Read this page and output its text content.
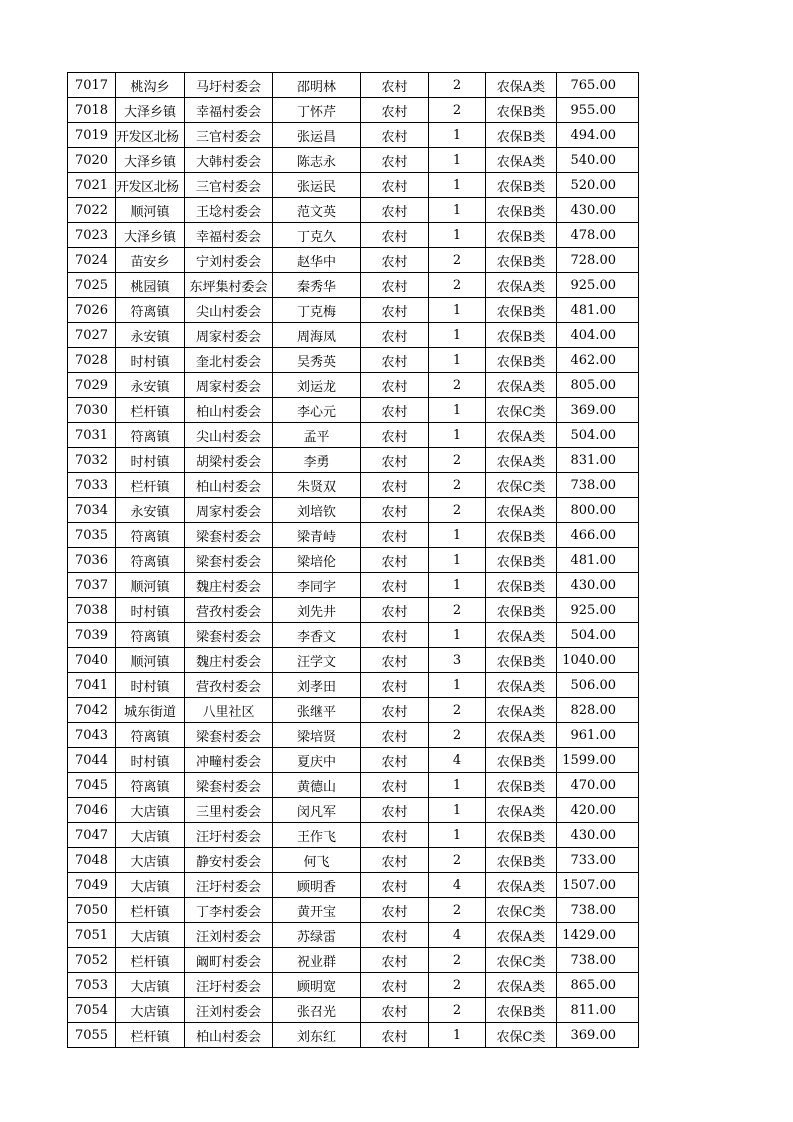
7017	桃沟乡	马圩村委会	邵明林	农村	2	农保A类	765.00
7018	大泽乡镇	幸福村委会	丁怀芹	农村	2	农保B类	955.00
7019	开发区北杨	三官村委会	张运昌	农村	1	农保B类	494.00
7020	大泽乡镇	大韩村委会	陈志永	农村	1	农保A类	540.00
7021	开发区北杨	三官村委会	张运民	农村	1	农保B类	520.00
7022	顺河镇	王埝村委会	范文英	农村	1	农保B类	430.00
7023	大泽乡镇	幸福村委会	丁克久	农村	1	农保B类	478.00
7024	苗安乡	宁刘村委会	赵华中	农村	2	农保B类	728.00
7025	桃园镇	东坪集村委会	秦秀华	农村	2	农保A类	925.00
7026	符离镇	尖山村委会	丁克梅	农村	1	农保B类	481.00
7027	永安镇	周家村委会	周海凤	农村	1	农保B类	404.00
7028	时村镇	奎北村委会	吴秀英	农村	1	农保B类	462.00
7029	永安镇	周家村委会	刘运龙	农村	2	农保A类	805.00
7030	栏杆镇	柏山村委会	李心元	农村	1	农保C类	369.00
7031	符离镇	尖山村委会	孟平	农村	1	农保A类	504.00
7032	时村镇	胡梁村委会	李勇	农村	2	农保A类	831.00
7033	栏杆镇	柏山村委会	朱贤双	农村	2	农保C类	738.00
7034	永安镇	周家村委会	刘培钦	农村	2	农保A类	800.00
7035	符离镇	梁套村委会	梁青峙	农村	1	农保B类	466.00
7036	符离镇	梁套村委会	梁培伦	农村	1	农保B类	481.00
7037	顺河镇	魏庄村委会	李同字	农村	1	农保B类	430.00
7038	时村镇	营孜村委会	刘先井	农村	2	农保B类	925.00
7039	符离镇	梁套村委会	李香文	农村	1	农保A类	504.00
7040	顺河镇	魏庄村委会	汪学文	农村	3	农保B类	1040.00
7041	时村镇	营孜村委会	刘孝田	农村	1	农保A类	506.00
7042	城东街道	八里社区	张继平	农村	2	农保A类	828.00
7043	符离镇	梁套村委会	梁培贤	农村	2	农保A类	961.00
7044	时村镇	冲疃村委会	夏庆中	农村	4	农保B类	1599.00
7045	符离镇	梁套村委会	黄德山	农村	1	农保B类	470.00
7046	大店镇	三里村委会	闵凡军	农村	1	农保A类	420.00
7047	大店镇	汪圩村委会	王作飞	农村	1	农保B类	430.00
7048	大店镇	静安村委会	何飞	农村	2	农保B类	733.00
7049	大店镇	汪圩村委会	顾明香	农村	4	农保A类	1507.00
7050	栏杆镇	丁李村委会	黄开宝	农村	2	农保C类	738.00
7051	大店镇	汪刘村委会	苏绿雷	农村	4	农保A类	1429.00
7052	栏杆镇	阚町村委会	祝业群	农村	2	农保C类	738.00
7053	大店镇	汪圩村委会	顾明宽	农村	2	农保A类	865.00
7054	大店镇	汪刘村委会	张召光	农村	2	农保B类	811.00
7055	栏杆镇	柏山村委会	刘东红	农村	1	农保C类	369.00
